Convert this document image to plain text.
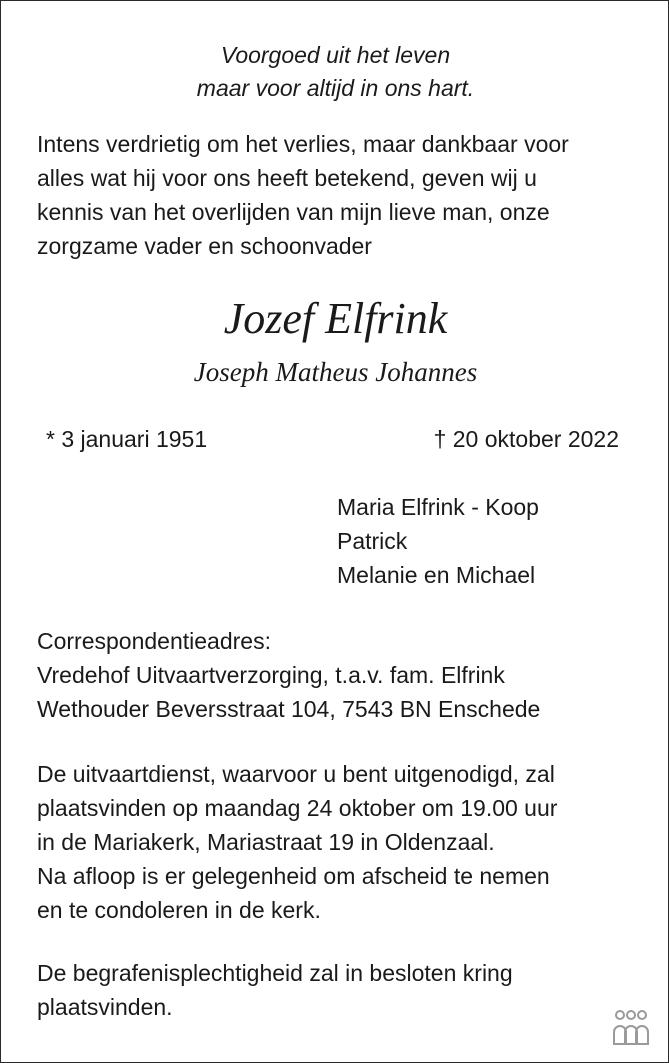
Voorgoed uit het leven
maar voor altijd in ons hart.
Intens verdrietig om het verlies, maar dankbaar voor
alles wat hij voor ons heeft betekend, geven wij u
kennis van het overlijden van mijn lieve man, onze
zorgzame vader en schoonvader
Jozef Elfrink
Joseph Matheus Johannes
* 3 januari 1951	† 20 oktober 2022
Maria Elfrink - Koop
Patrick
Melanie en Michael
Correspondentieadres:
Vredehof Uitvaartverzorging, t.a.v. fam. Elfrink
Wethouder Beversstraat 104, 7543 BN Enschede
De uitvaartdienst, waarvoor u bent uitgenodigd, zal
plaatsvinden op maandag 24 oktober om 19.00 uur
in de Mariakerk, Mariastraat 19 in Oldenzaal.
Na afloop is er gelegenheid om afscheid te nemen
en te condoleren in de kerk.
De begrafenisplechtigheid zal in besloten kring
plaatsvinden.
